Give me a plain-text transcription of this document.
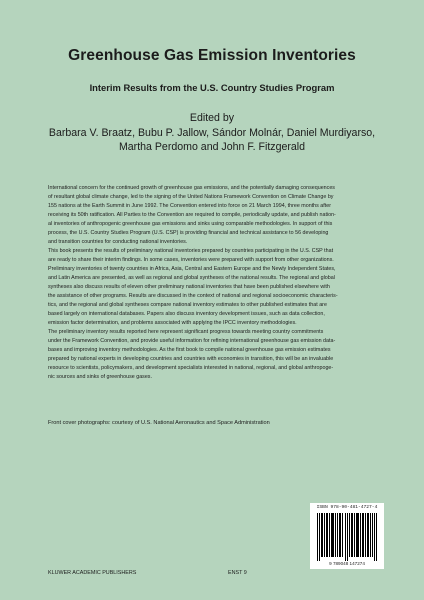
Greenhouse Gas Emission Inventories
Interim Results from the U.S. Country Studies Program
Edited by
Barbara V. Braatz, Bubu P. Jallow, Sándor Molnár, Daniel Murdiyarso,
Martha Perdomo and John F. Fitzgerald
International concern for the continued growth of greenhouse gas emissions, and the potentially damaging consequences
of resultant global climate change, led to the signing of the United Nations Framework Convention on Climate Change by
155 nations at the Earth Summit in June 1992. The Convention entered into force on 21 March 1994, three months after
receiving its 50th ratification. All Parties to the Convention are required to compile, periodically update, and publish nation-
al inventories of anthropogenic greenhouse gas emissions and sinks using comparable methodologies. In support of this
process, the U.S. Country Studies Program (U.S. CSP) is providing financial and technical assistance to 56 developing
and transition countries for conducting national inventories.
This book presents the results of preliminary national inventories prepared by countries participating in the U.S. CSP that
are ready to share their interim findings. In some cases, inventories were prepared with support from other organizations.
Preliminary inventories of twenty countries in Africa, Asia, Central and Eastern Europe and the Newly Independent States,
and Latin America are presented, as well as regional and global syntheses of the national results. The regional and global
syntheses also discuss results of eleven other preliminary national inventories that have been published elsewhere with
the assistance of other programs. Results are discussed in the context of national and regional socioeconomic characteris-
tics, and the regional and global syntheses compare national inventory estimates to other published estimates that are
based largely on international databases. Papers also discuss inventory development issues, such as data collection,
emission factor determination, and problems associated with applying the IPCC inventory methodologies.
The preliminary inventory results reported here represent significant progress towards meeting country commitments
under the Framework Convention, and provide useful information for refining international greenhouse gas emission data-
bases and improving inventory methodologies. As the first book to compile national greenhouse gas emission estimates
prepared by national experts in developing countries and countries with economies in transition, this will be an invaluable
resource to scientists, policymakers, and development specialists interested in national, regional, and global anthropoge-
nic sources and sinks of greenhouse gases.
Front cover photographs: courtesy of U.S. National Aeronautics and Space Administration
ISBN 978-90-481-4727-4
9 789048 147274
KLUWER ACADEMIC PUBLISHERS	ENST 9
